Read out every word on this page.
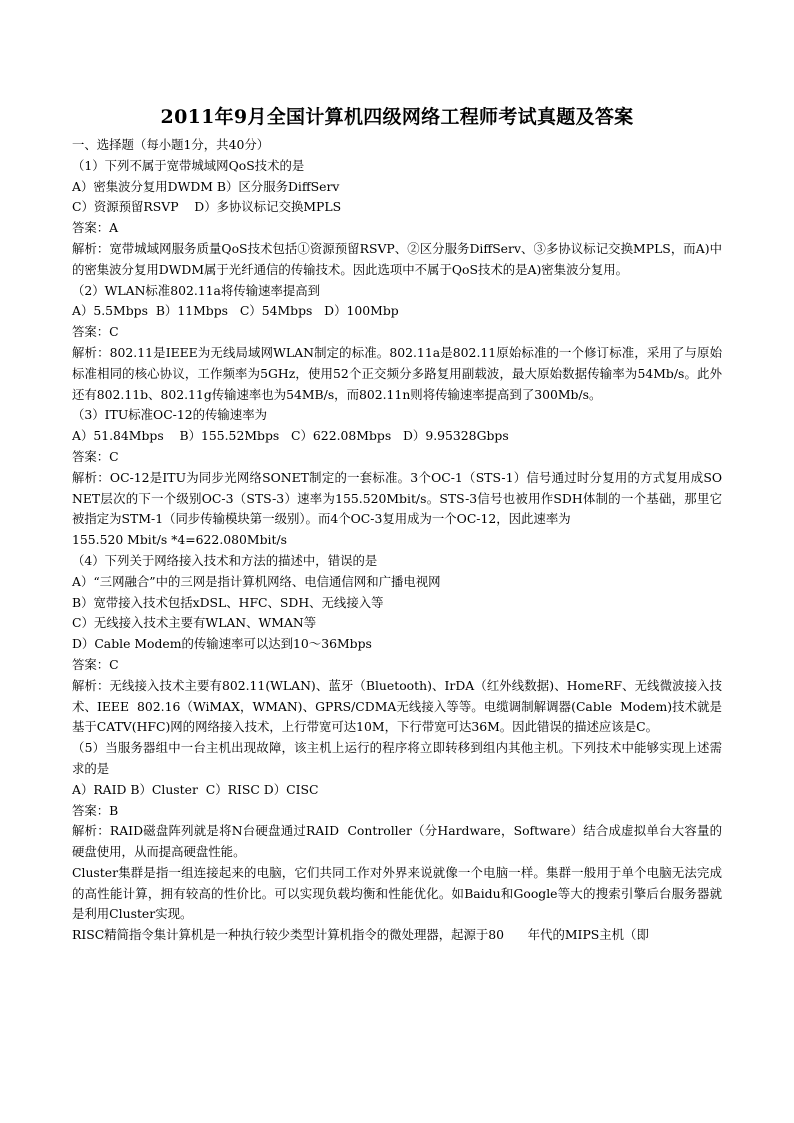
2011年9月全国计算机四级网络工程师考试真题及答案
一、选择题（每小题1分，共40分）
（1）下列不属于宽带城域网QoS技术的是
A）密集波分复用DWDM B）区分服务DiffServ
C）资源预留RSVP    D）多协议标记交换MPLS
答案：A
解析：宽带城域网服务质量QoS技术包括①资源预留RSVP、②区分服务DiffServ、③多协议标记交换MPLS，而A)中的密集波分复用DWDM属于光纤通信的传输技术。因此选项中不属于QoS技术的是A)密集波分复用。
（2）WLAN标准802.11a将传输速率提高到
A）5.5Mbps  B）11Mbps   C）54Mbps   D）100Mbp
答案：C
解析：802.11是IEEE为无线局域网WLAN制定的标准。802.11a是802.11原始标准的一个修订标准，采用了与原始标准相同的核心协议，工作频率为5GHz，使用52个正交频分多路复用副载波，最大原始数据传输率为54Mb/s。此外还有802.11b、802.11g传输速率也为54MB/s，而802.11n则将传输速率提高到了300Mb/s。
（3）ITU标准OC-12的传输速率为
A）51.84Mbps    B）155.52Mbps   C）622.08Mbps   D）9.95328Gbps
答案：C
解析：OC-12是ITU为同步光网络SONET制定的一套标准。3个OC-1（STS-1）信号通过时分复用的方式复用成SONET层次的下一个级别OC-3（STS-3）速率为155.520Mbit/s。STS-3信号也被用作SDH体制的一个基础，那里它被指定为STM-1（同步传输模块第一级别）。而4个OC-3复用成为一个OC-12，因此速率为
155.520 Mbit/s *4=622.080Mbit/s
（4）下列关于网络接入技术和方法的描述中，错误的是
A）“三网融合”中的三网是指计算机网络、电信通信网和广播电视网
B）宽带接入技术包括xDSL、HFC、SDH、无线接入等
C）无线接入技术主要有WLAN、WMAN等
D）Cable Modem的传输速率可以达到10～36Mbps
答案：C
解析：无线接入技术主要有802.11(WLAN)、蓝牙（Bluetooth)、IrDA（红外线数据)、HomeRF、无线微波接入技术、IEEE  802.16（WiMAX，WMAN)、GPRS/CDMA无线接入等等。电缆调制解调器(Cable  Modem)技术就是基于CATV(HFC)网的网络接入技术，上行带宽可达10M，下行带宽可达36M。因此错误的描述应该是C。
（5）当服务器组中一台主机出现故障，该主机上运行的程序将立即转移到组内其他主机。下列技术中能够实现上述需求的是
A）RAID B）Cluster  C）RISC D）CISC
答案：B
解析：RAID磁盘阵列就是将N台硬盘通过RAID  Controller（分Hardware，Software）结合成虚拟单台大容量的硬盘使用，从而提高硬盘性能。
Cluster集群是指一组连接起来的电脑，它们共同工作对外界来说就像一个电脑一样。集群一般用于单个电脑无法完成的高性能计算，拥有较高的性价比。可以实现负载均衡和性能优化。如Baidu和Google等大的搜索引擎后台服务器就是利用Cluster实现。
RISC精简指令集计算机是一种执行较少类型计算机指令的微处理器，起源于80      年代的MIPS主机（即
